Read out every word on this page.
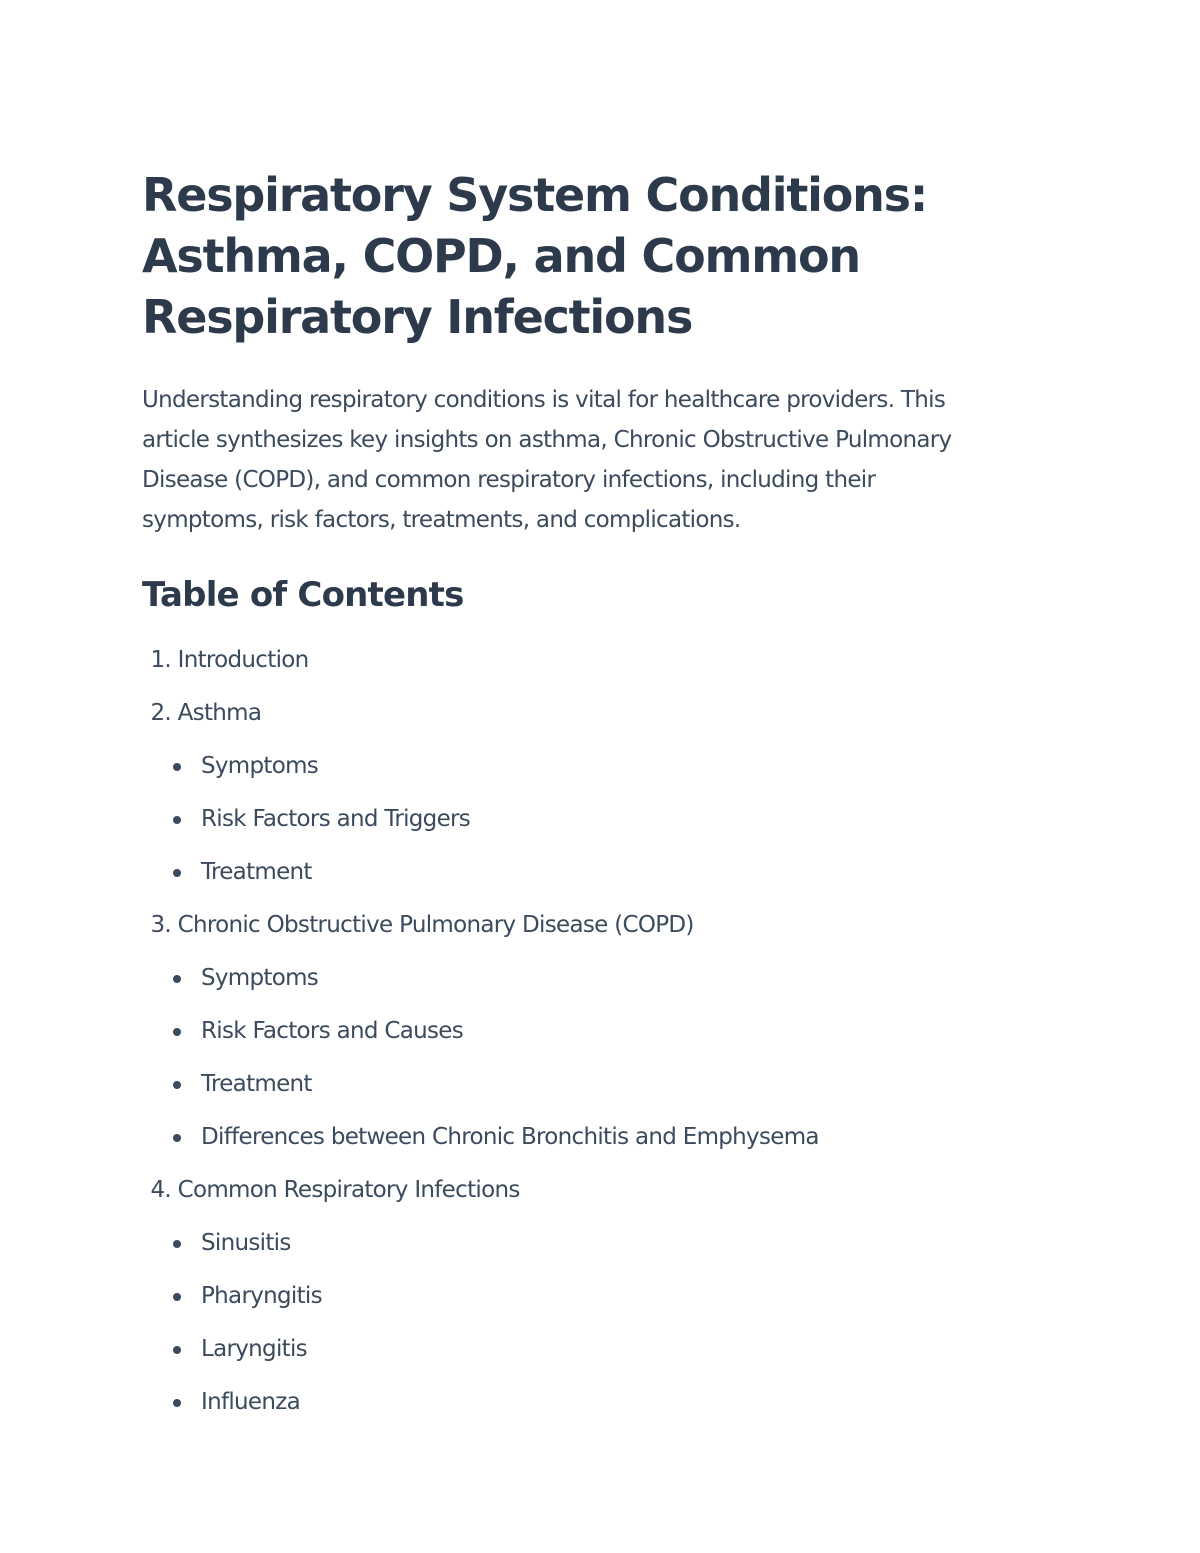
Respiratory System Conditions:
Asthma, COPD, and Common
Respiratory Infections

Understanding respiratory conditions is vital for healthcare providers. This
article synthesizes key insights on asthma, Chronic Obstructive Pulmonary
Disease (COPD), and common respiratory infections, including their
symptoms, risk factors, treatments, and complications.

Table of Contents
1. Introduction
2. Asthma
Symptoms
Risk Factors and Triggers
Treatment
3. Chronic Obstructive Pulmonary Disease (COPD)
Symptoms
Risk Factors and Causes
Treatment
Differences between Chronic Bronchitis and Emphysema
4. Common Respiratory Infections
Sinusitis
Pharyngitis
Laryngitis
Influenza
